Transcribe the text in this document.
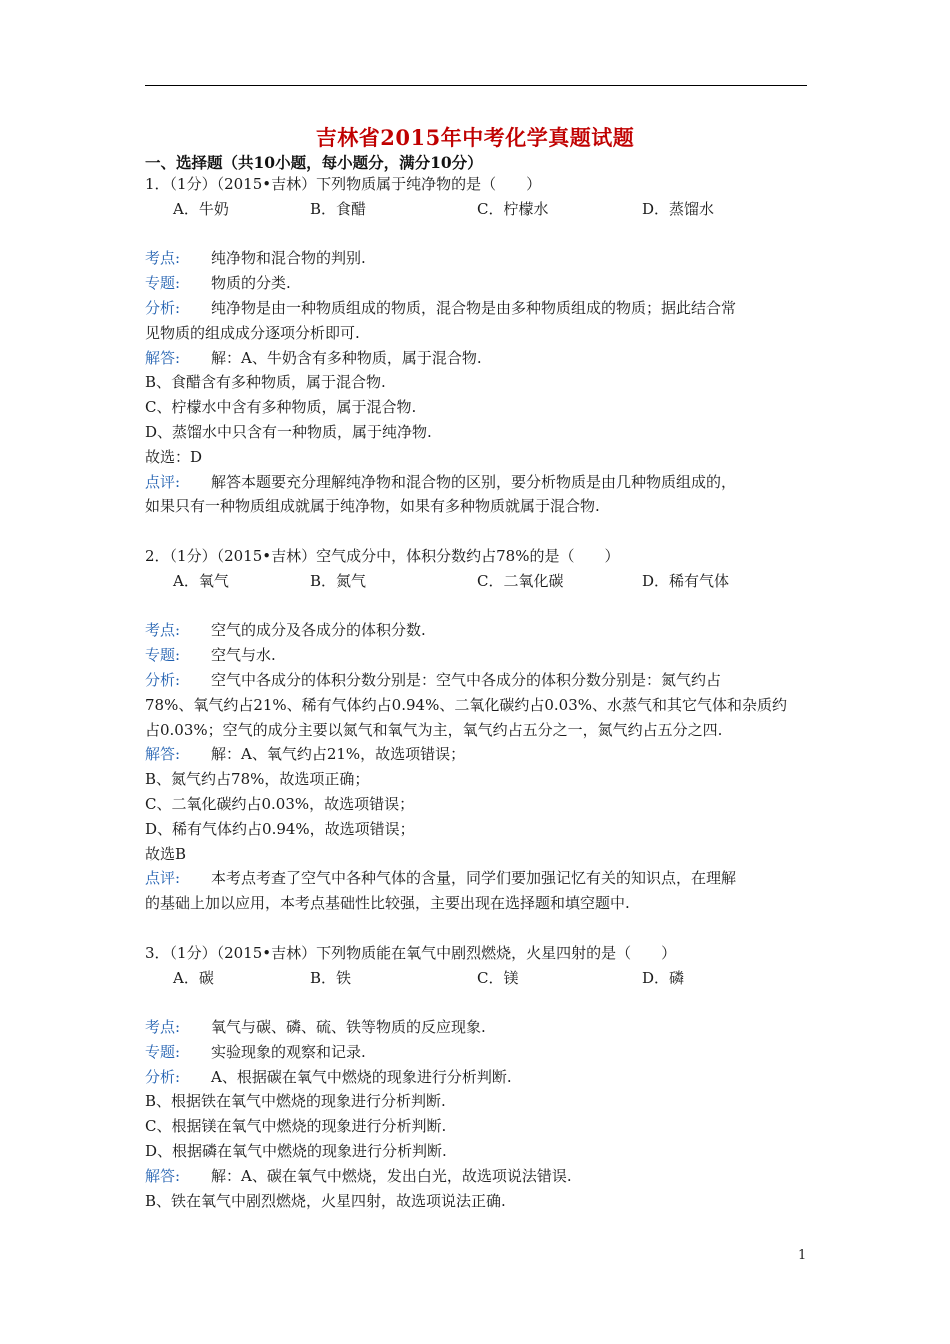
吉林省2015年中考化学真题试题
一、选择题（共10小题，每小题分，满分10分）
1．（1分）（2015•吉林）下列物质属于纯净物的是（　　）
A．牛奶	B．食醋	C．柠檬水	D．蒸馏水
考点: 纯净物和混合物的判别.
专题: 物质的分类.
分析: 纯净物是由一种物质组成的物质，混合物是由多种物质组成的物质；据此结合常
见物质的组成成分逐项分析即可.
解答: 解：A、牛奶含有多种物质，属于混合物.
B、食醋含有多种物质，属于混合物.
C、柠檬水中含有多种物质，属于混合物.
D、蒸馏水中只含有一种物质，属于纯净物.
故选：D
点评: 解答本题要充分理解纯净物和混合物的区别，要分析物质是由几种物质组成的，
如果只有一种物质组成就属于纯净物，如果有多种物质就属于混合物.
2．（1分）（2015•吉林）空气成分中，体积分数约占78%的是（　　）
A．氧气	B．氮气	C．二氧化碳	D．稀有气体
考点: 空气的成分及各成分的体积分数.
专题: 空气与水.
分析: 空气中各成分的体积分数分别是：空气中各成分的体积分数分别是：氮气约占
78%、氧气约占21%、稀有气体约占0.94%、二氧化碳约占0.03%、水蒸气和其它气体和杂质约
占0.03%；空气的成分主要以氮气和氧气为主，氧气约占五分之一，氮气约占五分之四.
解答: 解：A、氧气约占21%，故选项错误；
B、氮气约占78%，故选项正确；
C、二氧化碳约占0.03%，故选项错误；
D、稀有气体约占0.94%，故选项错误；
故选B
点评: 本考点考查了空气中各种气体的含量，同学们要加强记忆有关的知识点，在理解
的基础上加以应用，本考点基础性比较强，主要出现在选择题和填空题中.
3．（1分）（2015•吉林）下列物质能在氧气中剧烈燃烧，火星四射的是（　　）
A．碳	B．铁	C．镁	D．磷
考点: 氧气与碳、磷、硫、铁等物质的反应现象.
专题: 实验现象的观察和记录.
分析: A、根据碳在氧气中燃烧的现象进行分析判断.
B、根据铁在氧气中燃烧的现象进行分析判断.
C、根据镁在氧气中燃烧的现象进行分析判断.
D、根据磷在氧气中燃烧的现象进行分析判断.
解答: 解：A、碳在氧气中燃烧，发出白光，故选项说法错误.
B、铁在氧气中剧烈燃烧，火星四射，故选项说法正确.
1
